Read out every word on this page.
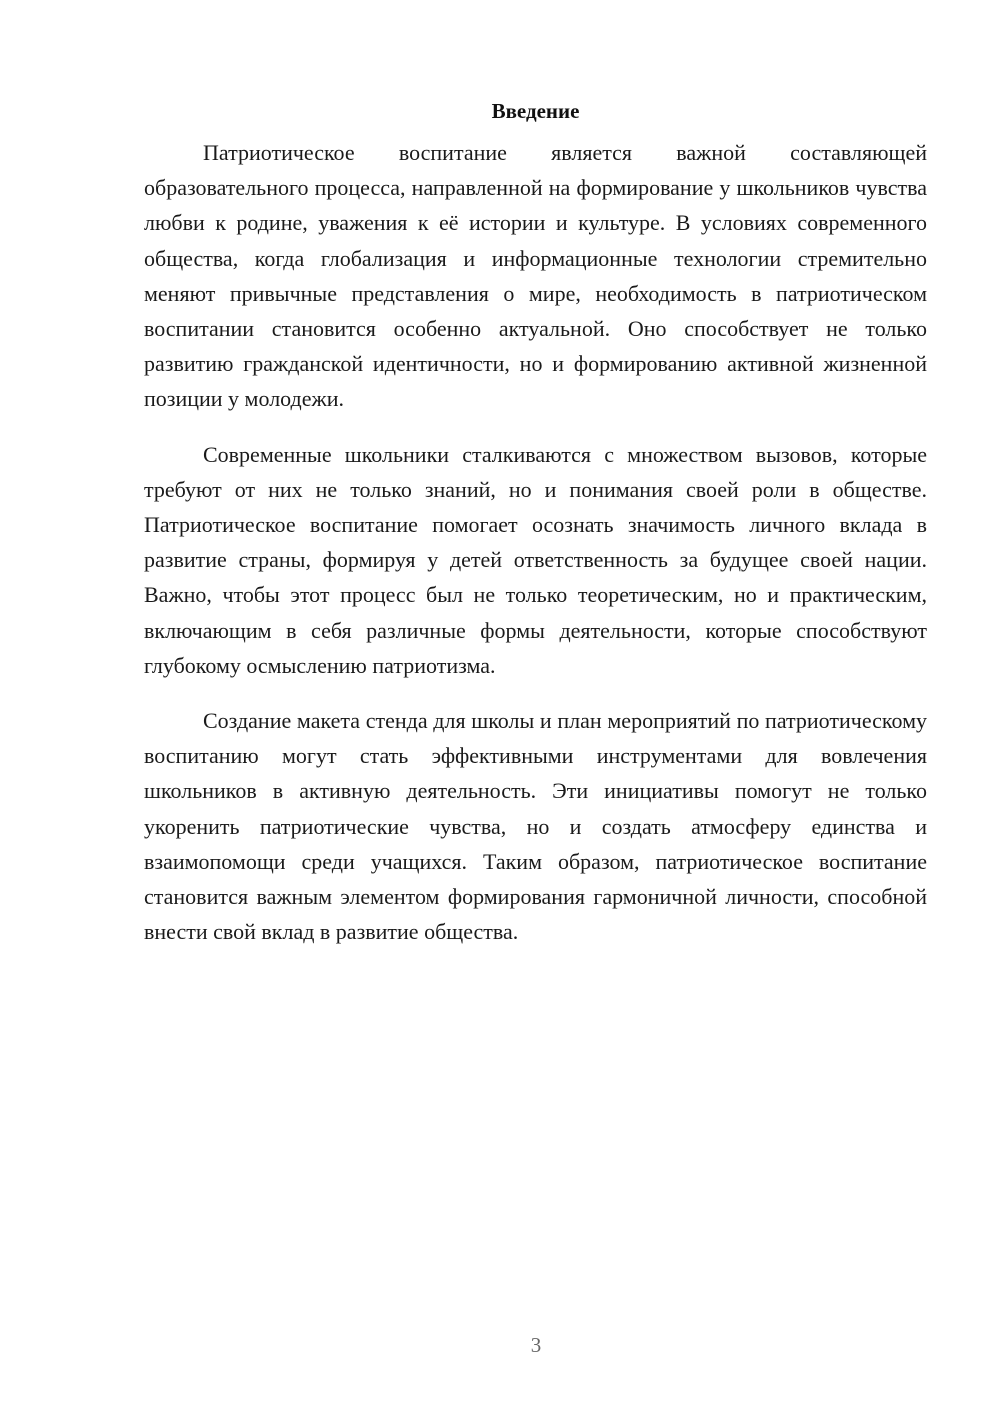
Введение

Патриотическое воспитание является важной составляющей образовательного процесса, направленной на формирование у школьников чувства любви к родине, уважения к её истории и культуре. В условиях современного общества, когда глобализация и информационные технологии стремительно меняют привычные представления о мире, необходимость в патриотическом воспитании становится особенно актуальной. Оно способствует не только развитию гражданской идентичности, но и формированию активной жизненной позиции у молодежи.

Современные школьники сталкиваются с множеством вызовов, которые требуют от них не только знаний, но и понимания своей роли в обществе. Патриотическое воспитание помогает осознать значимость личного вклада в развитие страны, формируя у детей ответственность за будущее своей нации. Важно, чтобы этот процесс был не только теоретическим, но и практическим, включающим в себя различные формы деятельности, которые способствуют глубокому осмыслению патриотизма.

Создание макета стенда для школы и план мероприятий по патриотическому воспитанию могут стать эффективными инструментами для вовлечения школьников в активную деятельность. Эти инициативы помогут не только укоренить патриотические чувства, но и создать атмосферу единства и взаимопомощи среди учащихся. Таким образом, патриотическое воспитание становится важным элементом формирования гармоничной личности, способной внести свой вклад в развитие общества.

3
